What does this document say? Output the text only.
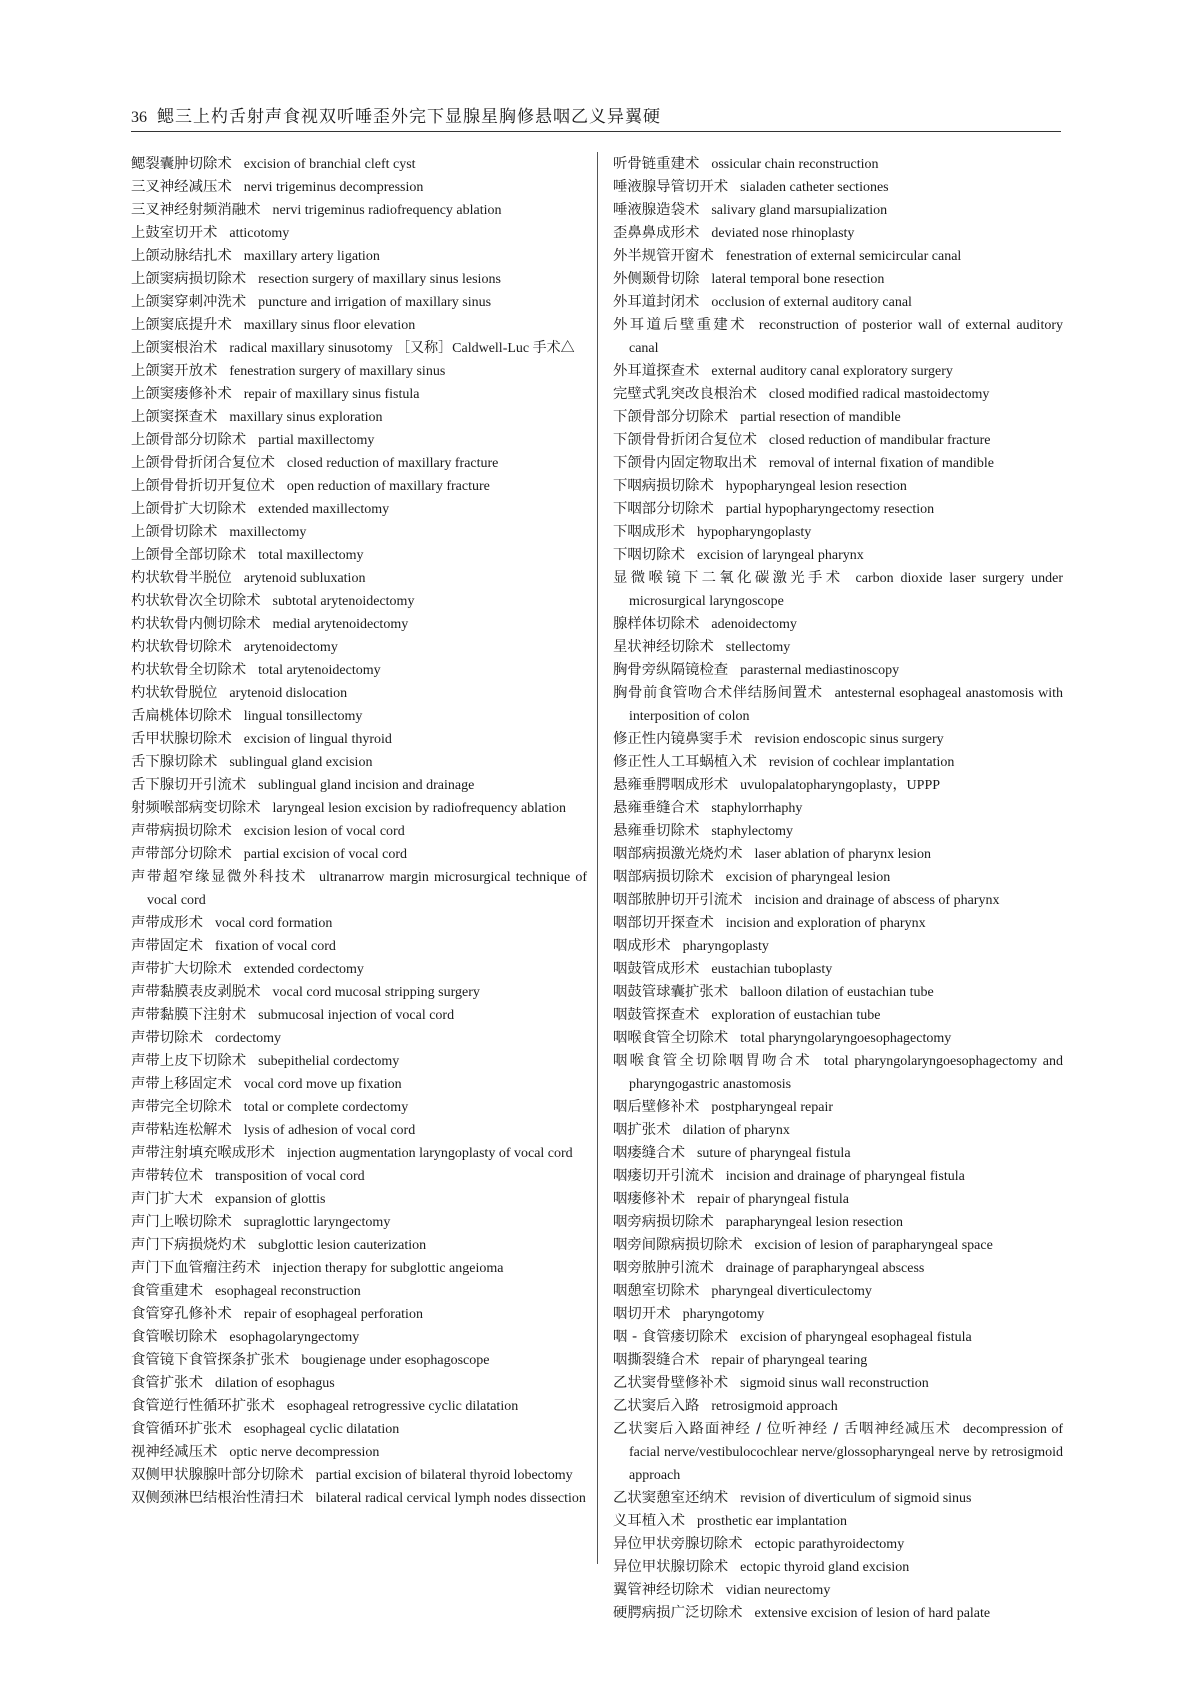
36 鳃三上杓舌射声食视双听唾歪外完下显腺星胸修悬咽乙义异翼硬
鳃裂囊肿切除术 excision of branchial cleft cyst
三叉神经减压术 nervi trigeminus decompression
三叉神经射频消融术 nervi trigeminus radiofrequency ablation
上鼓室切开术 atticotomy
上颌动脉结扎术 maxillary artery ligation
上颌窦病损切除术 resection surgery of maxillary sinus lesions
上颌窦穿刺冲洗术 puncture and irrigation of maxillary sinus
上颌窦底提升术 maxillary sinus floor elevation
上颌窦根治术 radical maxillary sinusotomy ［又称］Caldwell-Luc 手术△
上颌窦开放术 fenestration surgery of maxillary sinus
上颌窦瘘修补术 repair of maxillary sinus fistula
上颌窦探查术 maxillary sinus exploration
上颌骨部分切除术 partial maxillectomy
上颌骨骨折闭合复位术 closed reduction of maxillary fracture
上颌骨骨折切开复位术 open reduction of maxillary fracture
上颌骨扩大切除术 extended maxillectomy
上颌骨切除术 maxillectomy
上颌骨全部切除术 total maxillectomy
杓状软骨半脱位 arytenoid subluxation
杓状软骨次全切除术 subtotal arytenoidectomy
杓状软骨内侧切除术 medial arytenoidectomy
杓状软骨切除术 arytenoidectomy
杓状软骨全切除术 total arytenoidectomy
杓状软骨脱位 arytenoid dislocation
舌扁桃体切除术 lingual tonsillectomy
舌甲状腺切除术 excision of lingual thyroid
舌下腺切除术 sublingual gland excision
舌下腺切开引流术 sublingual gland incision and drainage
射频喉部病变切除术 laryngeal lesion excision by radiofrequency ablation
声带病损切除术 excision lesion of vocal cord
声带部分切除术 partial excision of vocal cord
声带超窄缘显微外科技术 ultranarrow margin microsurgical technique of vocal cord
声带成形术 vocal cord formation
声带固定术 fixation of vocal cord
声带扩大切除术 extended cordectomy
声带黏膜表皮剥脱术 vocal cord mucosal stripping surgery
声带黏膜下注射术 submucosal injection of vocal cord
声带切除术 cordectomy
声带上皮下切除术 subepithelial cordectomy
声带上移固定术 vocal cord move up fixation
声带完全切除术 total or complete cordectomy
声带粘连松解术 lysis of adhesion of vocal cord
声带注射填充喉成形术 injection augmentation laryngoplasty of vocal cord
声带转位术 transposition of vocal cord
声门扩大术 expansion of glottis
声门上喉切除术 supraglottic laryngectomy
声门下病损烧灼术 subglottic lesion cauterization
声门下血管瘤注药术 injection therapy for subglottic angeioma
食管重建术 esophageal reconstruction
食管穿孔修补术 repair of esophageal perforation
食管喉切除术 esophagolaryngectomy
食管镜下食管探条扩张术 bougienage under esophagoscope
食管扩张术 dilation of esophagus
食管逆行性循环扩张术 esophageal retrogressive cyclic dilatation
食管循环扩张术 esophageal cyclic dilatation
视神经减压术 optic nerve decompression
双侧甲状腺腺叶部分切除术 partial excision of bilateral thyroid lobectomy
双侧颈淋巴结根治性清扫术 bilateral radical cervical lymph nodes dissection
听骨链重建术 ossicular chain reconstruction
唾液腺导管切开术 sialaden catheter sectiones
唾液腺造袋术 salivary gland marsupialization
歪鼻鼻成形术 deviated nose rhinoplasty
外半规管开窗术 fenestration of external semicircular canal
外侧颞骨切除 lateral temporal bone resection
外耳道封闭术 occlusion of external auditory canal
外耳道后壁重建术 reconstruction of posterior wall of external auditory canal
外耳道探查术 external auditory canal exploratory surgery
完壁式乳突改良根治术 closed modified radical mastoidectomy
下颌骨部分切除术 partial resection of mandible
下颌骨骨折闭合复位术 closed reduction of mandibular fracture
下颌骨内固定物取出术 removal of internal fixation of mandible
下咽病损切除术 hypopharyngeal lesion resection
下咽部分切除术 partial hypopharyngectomy resection
下咽成形术 hypopharyngoplasty
下咽切除术 excision of laryngeal pharynx
显微喉镜下二氧化碳激光手术 carbon dioxide laser surgery under microsurgical laryngoscope
腺样体切除术 adenoidectomy
星状神经切除术 stellectomy
胸骨旁纵隔镜检查 parasternal mediastinoscopy
胸骨前食管吻合术伴结肠间置术 antesternal esophageal anastomosis with interposition of colon
修正性内镜鼻窦手术 revision endoscopic sinus surgery
修正性人工耳蜗植入术 revision of cochlear implantation
悬雍垂腭咽成形术 uvulopalatopharyngoplasty，UPPP
悬雍垂缝合术 staphylorrhaphy
悬雍垂切除术 staphylectomy
咽部病损激光烧灼术 laser ablation of pharynx lesion
咽部病损切除术 excision of pharyngeal lesion
咽部脓肿切开引流术 incision and drainage of abscess of pharynx
咽部切开探查术 incision and exploration of pharynx
咽成形术 pharyngoplasty
咽鼓管成形术 eustachian tuboplasty
咽鼓管球囊扩张术 balloon dilation of eustachian tube
咽鼓管探查术 exploration of eustachian tube
咽喉食管全切除术 total pharyngolaryngoesophagectomy
咽喉食管全切除咽胃吻合术 total pharyngolaryngoesophagectomy and pharyngogastric anastomosis
咽后壁修补术 postpharyngeal repair
咽扩张术 dilation of pharynx
咽瘘缝合术 suture of pharyngeal fistula
咽瘘切开引流术 incision and drainage of pharyngeal fistula
咽瘘修补术 repair of pharyngeal fistula
咽旁病损切除术 parapharyngeal lesion resection
咽旁间隙病损切除术 excision of lesion of parapharyngeal space
咽旁脓肿引流术 drainage of parapharyngeal abscess
咽憩室切除术 pharyngeal diverticulectomy
咽切开术 pharyngotomy
咽 - 食管瘘切除术 excision of pharyngeal esophageal fistula
咽撕裂缝合术 repair of pharyngeal tearing
乙状窦骨壁修补术 sigmoid sinus wall reconstruction
乙状窦后入路 retrosigmoid approach
乙状窦后入路面神经 / 位听神经 / 舌咽神经减压术 decompression of facial nerve/vestibulocochlear nerve/glossopharyngeal nerve by retrosigmoid approach
乙状窦憩室还纳术 revision of diverticulum of sigmoid sinus
义耳植入术 prosthetic ear implantation
异位甲状旁腺切除术 ectopic parathyroidectomy
异位甲状腺切除术 ectopic thyroid gland excision
翼管神经切除术 vidian neurectomy
硬腭病损广泛切除术 extensive excision of lesion of hard palate
